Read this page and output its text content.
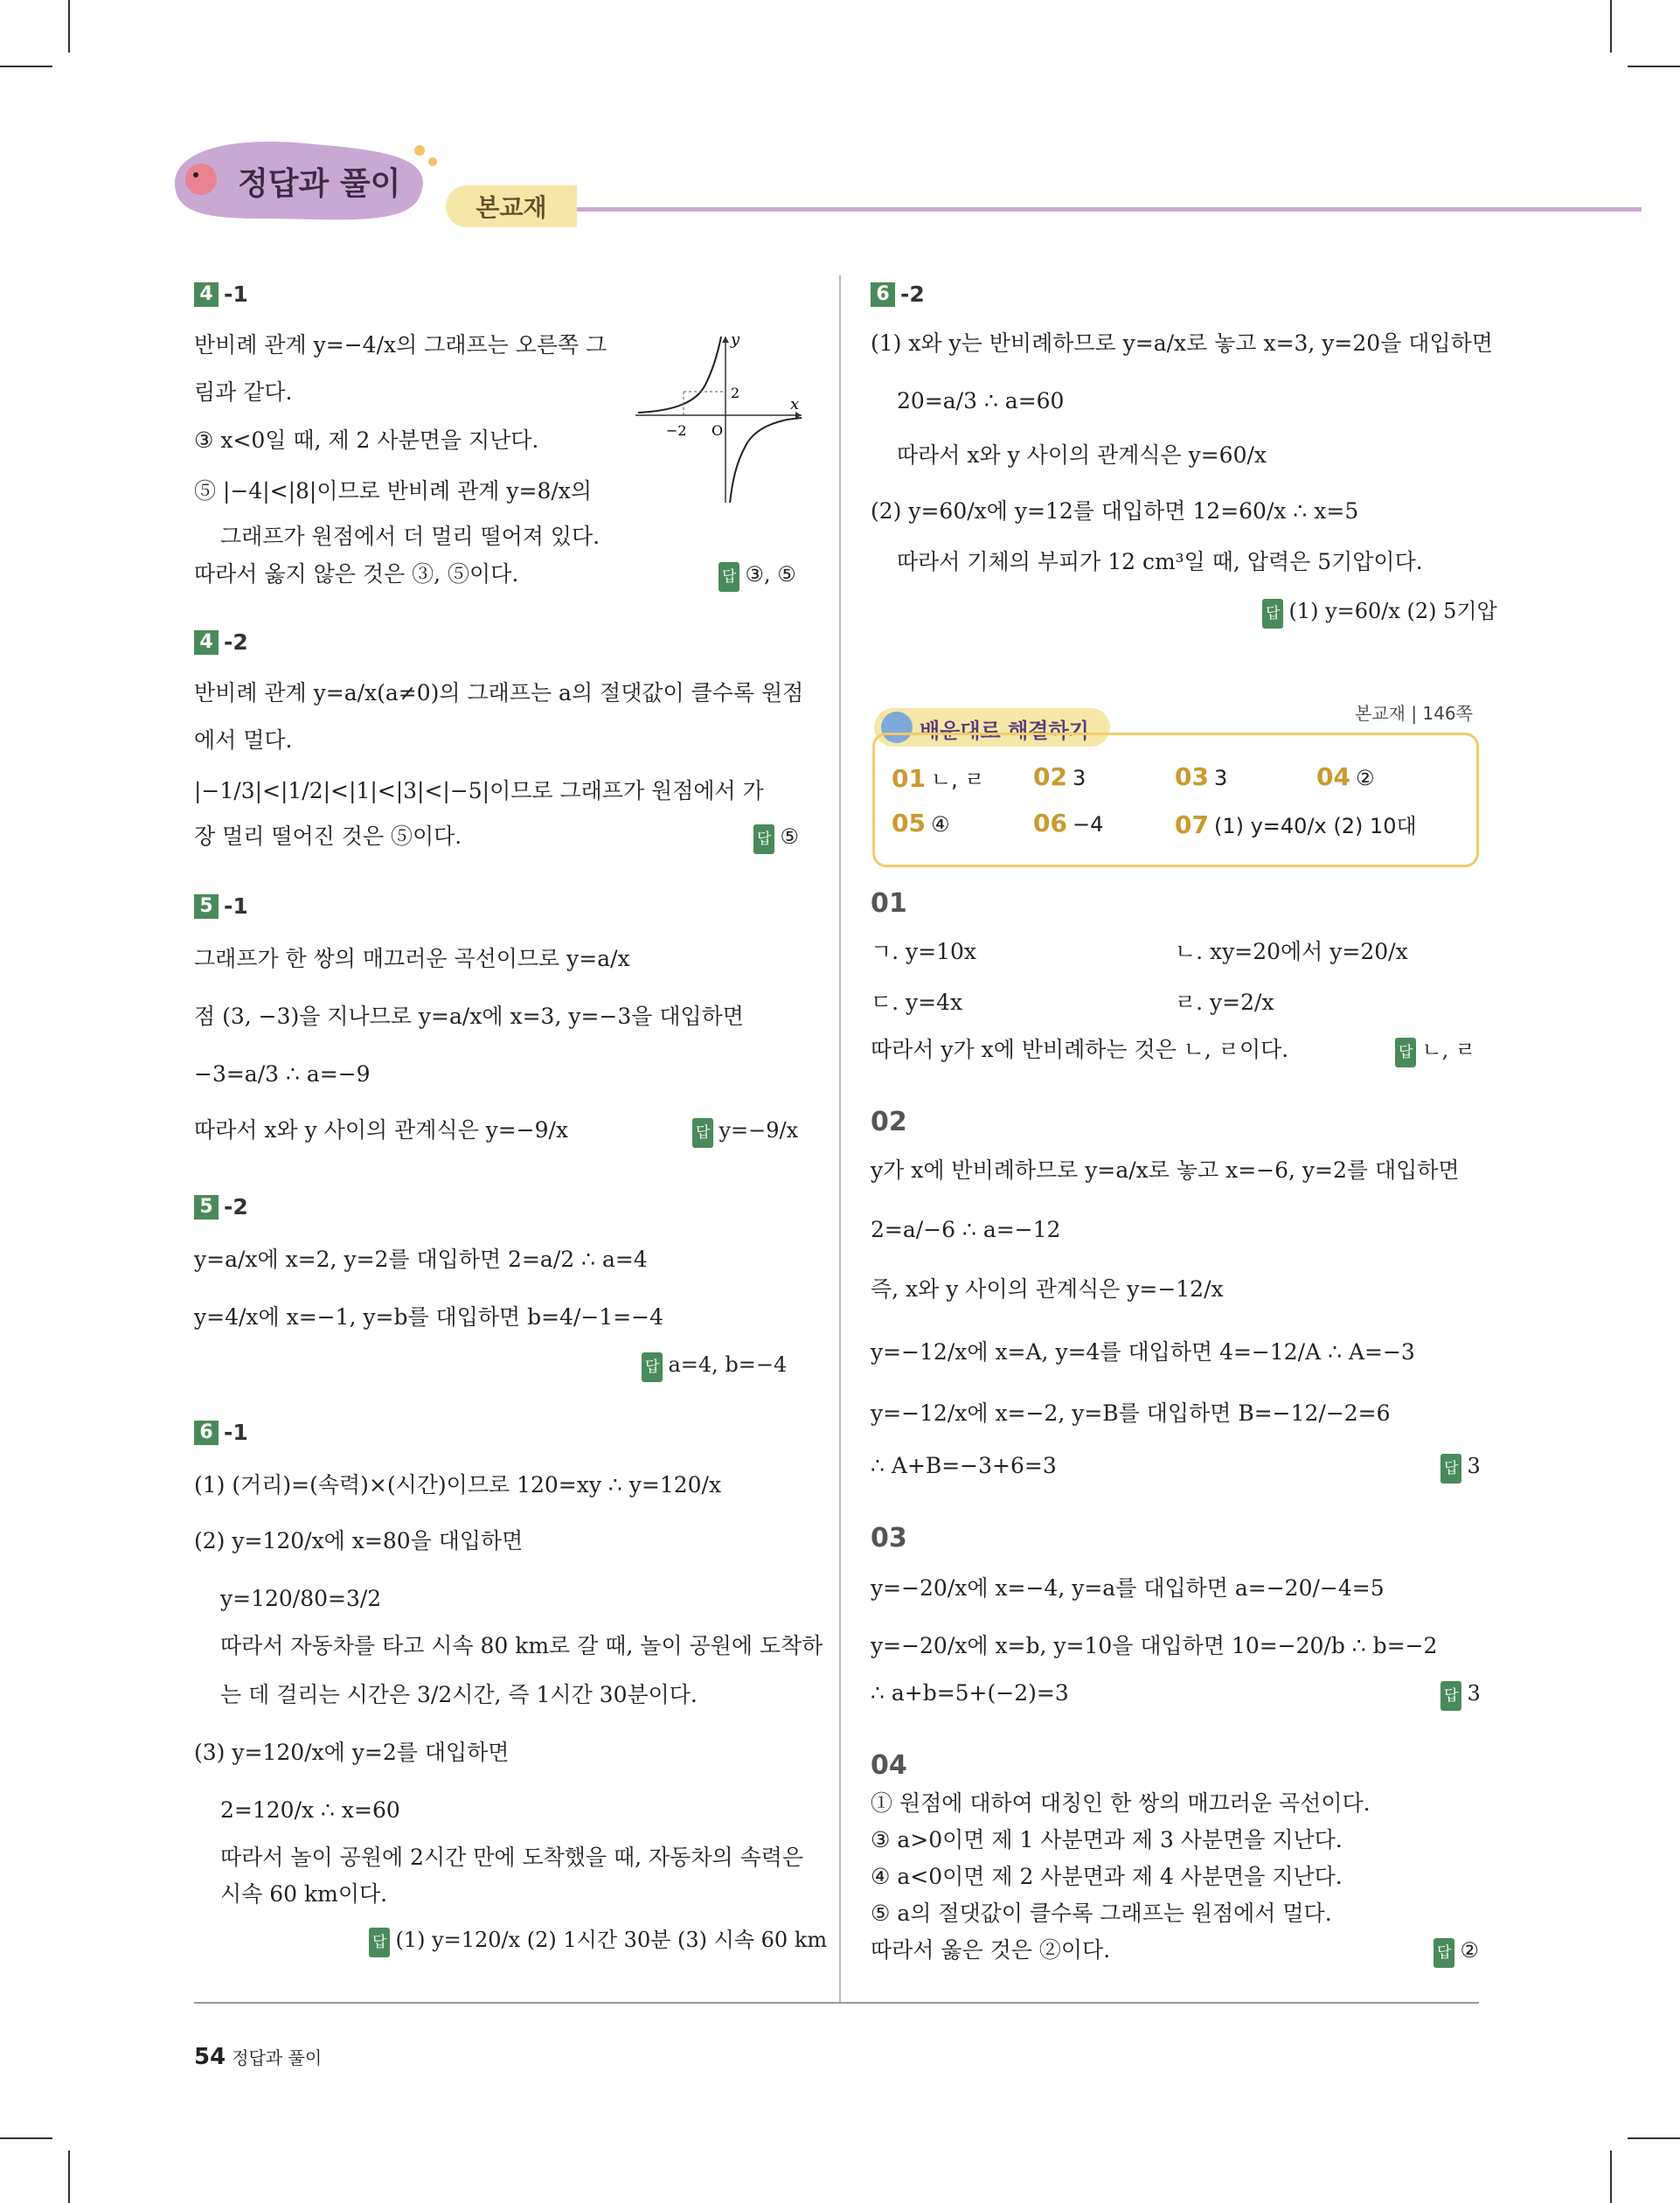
정답과 풀이
본교재
4 -1
반비례 관계 y=−4/x의 그래프는 오른쪽 그
림과 같다.
③ x<0일 때, 제 2 사분면을 지난다.
⑤ |−4|<|8|이므로 반비례 관계 y=8/x의
그래프가 원점에서 더 멀리 떨어져 있다.
따라서 옳지 않은 것은 ③, ⑤이다.	답 ③, ⑤
y
x
2
−2 O
4 -2
반비례 관계 y=a/x(a≠0)의 그래프는 a의 절댓값이 클수록 원점
에서 멀다.
|−1/3|<|1/2|<|1|<|3|<|−5|이므로 그래프가 원점에서 가
장 멀리 떨어진 것은 ⑤이다.	답 ⑤
5 -1
그래프가 한 쌍의 매끄러운 곡선이므로 y=a/x
점 (3, −3)을 지나므로 y=a/x에 x=3, y=−3을 대입하면
−3=a/3 ∴ a=−9
따라서 x와 y 사이의 관계식은 y=−9/x	답 y=−9/x
5 -2
y=a/x에 x=2, y=2를 대입하면 2=a/2 ∴ a=4
y=4/x에 x=−1, y=b를 대입하면 b=4/−1=−4
답 a=4, b=−4
6 -1
(1) (거리)=(속력)×(시간)이므로 120=xy ∴ y=120/x
(2) y=120/x에 x=80을 대입하면
y=120/80=3/2
따라서 자동차를 타고 시속 80 km로 갈 때, 놀이 공원에 도착하
는 데 걸리는 시간은 3/2시간, 즉 1시간 30분이다.
(3) y=120/x에 y=2를 대입하면
2=120/x ∴ x=60
따라서 놀이 공원에 2시간 만에 도착했을 때, 자동차의 속력은
시속 60 km이다.
답 (1) y=120/x (2) 1시간 30분 (3) 시속 60 km
6 -2
(1) x와 y는 반비례하므로 y=a/x로 놓고 x=3, y=20을 대입하면
20=a/3 ∴ a=60
따라서 x와 y 사이의 관계식은 y=60/x
(2) y=60/x에 y=12를 대입하면 12=60/x ∴ x=5
따라서 기체의 부피가 12 cm³일 때, 압력은 5기압이다.
답 (1) y=60/x (2) 5기압
본교재 | 146쪽
배운대로 해결하기
01 ㄴ, ㄹ 02 3	03 3	04 ②
05 ④	06 −4	07 (1) y=40/x (2) 10대
01
ㄱ. y=10x	ㄴ. xy=20에서 y=20/x
ㄷ. y=4x	ㄹ. y=2/x
따라서 y가 x에 반비례하는 것은 ㄴ, ㄹ이다.	답 ㄴ, ㄹ
02
y가 x에 반비례하므로 y=a/x로 놓고 x=−6, y=2를 대입하면
2=a/−6 ∴ a=−12
즉, x와 y 사이의 관계식은 y=−12/x
y=−12/x에 x=A, y=4를 대입하면 4=−12/A ∴ A=−3
y=−12/x에 x=−2, y=B를 대입하면 B=−12/−2=6
∴ A+B=−3+6=3	답 3
03
y=−20/x에 x=−4, y=a를 대입하면 a=−20/−4=5
y=−20/x에 x=b, y=10을 대입하면 10=−20/b ∴ b=−2
∴ a+b=5+(−2)=3	답 3
04
① 원점에 대하여 대칭인 한 쌍의 매끄러운 곡선이다.
③ a>0이면 제 1 사분면과 제 3 사분면을 지난다.
④ a<0이면 제 2 사분면과 제 4 사분면을 지난다.
⑤ a의 절댓값이 클수록 그래프는 원점에서 멀다.
따라서 옳은 것은 ②이다.	답 ②
54 정답과 풀이
